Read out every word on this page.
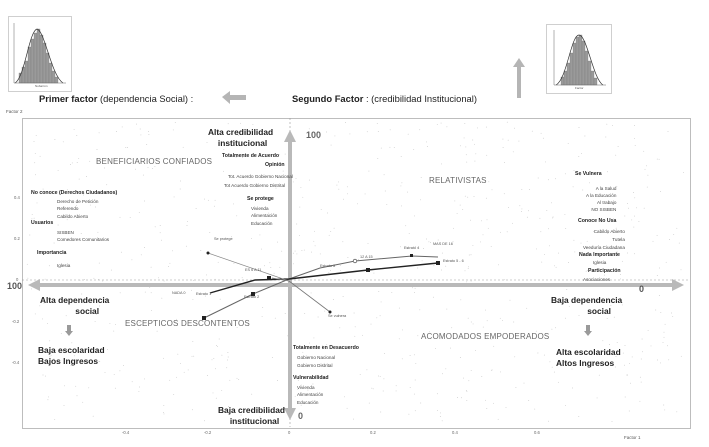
Nubarrón	Factor
Primer factor (dependencia Social) :	Segundo Factor : (credibilidad Institucional)
Factor 2
Factor 1
Se protege
ES 6 A 11
NADA 0	Estrato 1
Estrato 2
Estrato 3
Estrato 4
Estrato 5 - 6
MAS DE 16
12 A 15
Se vulnera
-0.4	-0.2	0	0.2	0.4	0.6
0.4
0.2
0
-0.2
-0.4
100	0
100
0
Alta credibilidad
institucional
Baja credibilidad
institucional
Alta dependencia
social
Baja dependencia
social
Baja escolaridad
Bajos Ingresos
Alta escolaridad
Altos Ingresos
BENEFICIARIOS CONFIADOS
RELATIVISTAS
ESCEPTICOS DESCONTENTOS
ACOMODADOS EMPODERADOS
No conoce (Derechos Ciudadanos)
Derecho de Petición
Referendo
Cabildo Abierto
Usuarios
SISBEN
Comedores Comunitarios
Importancia
Iglesia
Totalmente de Acuerdo
Opinión
Tot. Acuerdo Gobierno Nacional
Tot Acuerdo Gobierno Distrital
Se protege
Vivienda
Alimentación
Educación
Se Vulnera
A la Salud
A la Educación
Al trabajo
NO SISBEN
Conoce No Usa
Cabildo Abierto
Tutela
Veeduría Ciudadana
Nada Importante
Iglesia
Participación
Asociaciones
Totalmente en Desacuerdo
Gobierno Nacional
Gobierno Distrital
Vulnerabilidad
Vivienda
Alimentación
Educación
